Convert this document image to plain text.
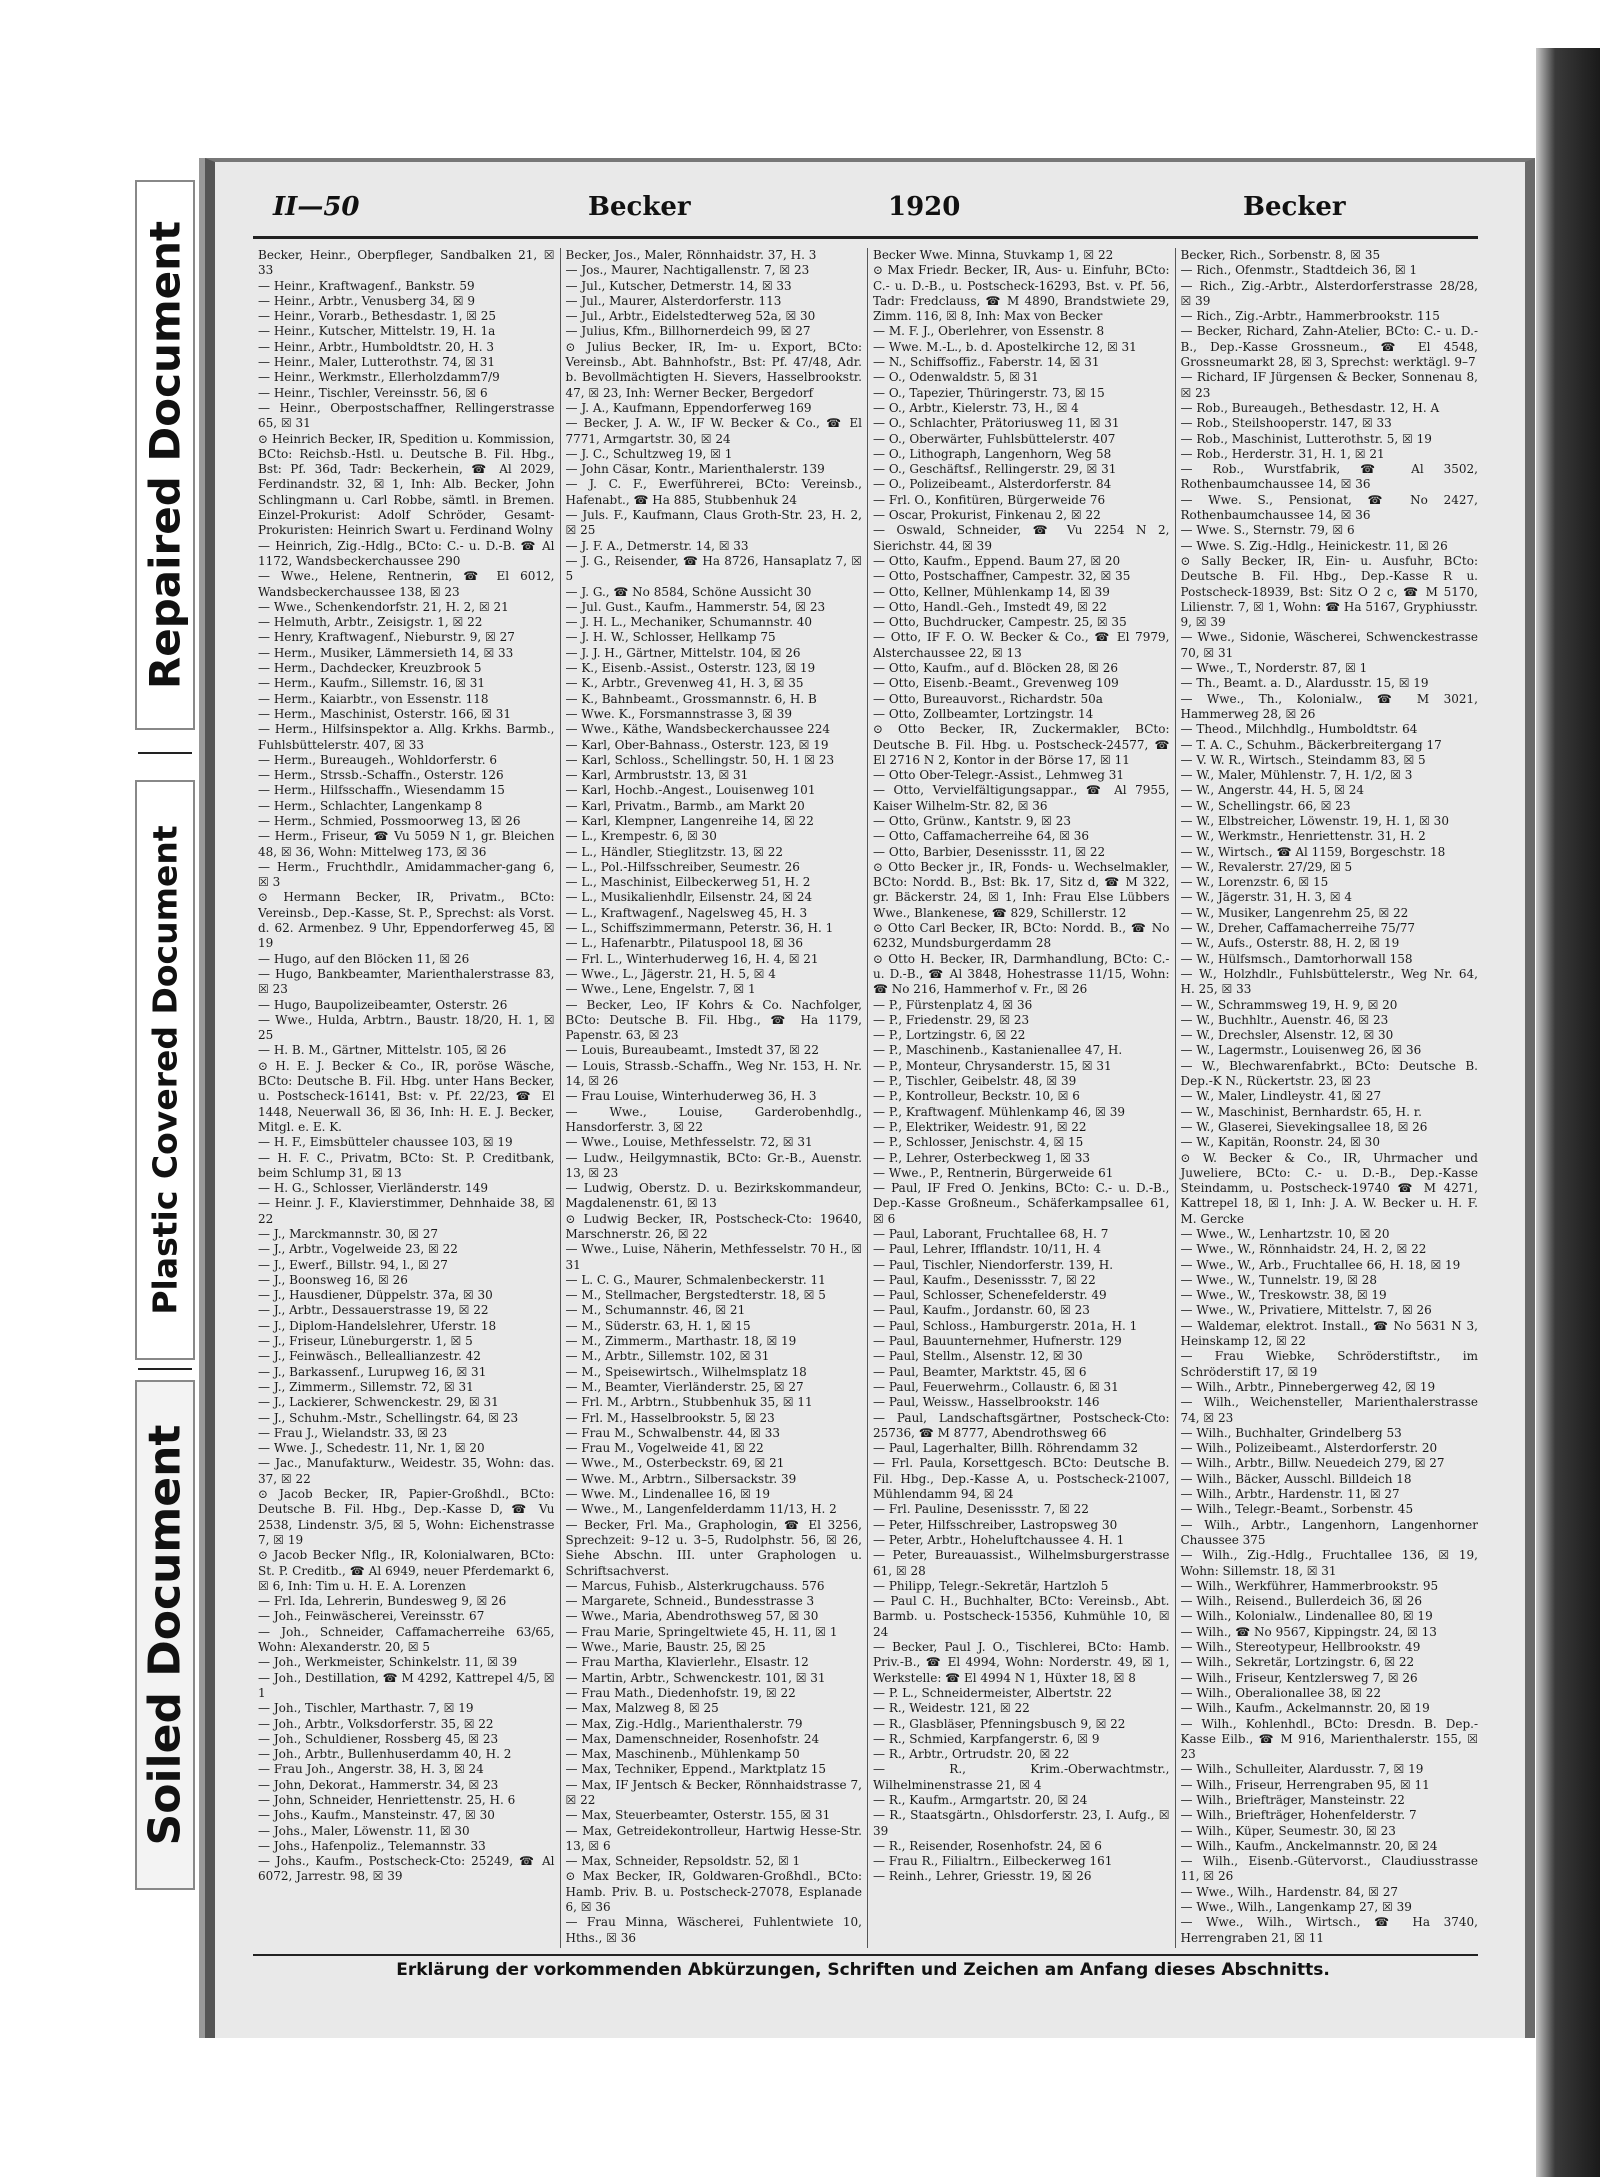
Repaired Document
Plastic Covered Document
Soiled Document
II—50	Becker	1920	Becker

Becker, Heinr., Oberpfleger, Sandbalken 21, ☒ 33

— Heinr., Kraftwagenf., Bankstr. 59

— Heinr., Arbtr., Venusberg 34, ☒ 9

— Heinr., Vorarb., Bethesdastr. 1, ☒ 25

— Heinr., Kutscher, Mittelstr. 19, H. 1a

— Heinr., Arbtr., Humboldtstr. 20, H. 3

— Heinr., Maler, Lutterothstr. 74, ☒ 31

— Heinr., Werkmstr., Ellerholzdamm7/9

— Heinr., Tischler, Vereinsstr. 56, ☒ 6

— Heinr., Oberpostschaffner, Rellingerstrasse 65, ☒ 31

⊙ Heinrich Becker, IR, Spedition u. Kommission, BCto: Reichsb.-Hstl. u. Deutsche B. Fil. Hbg., Bst: Pf. 36d, Tadr: Beckerhein, ☎ Al 2029, Ferdinandstr. 32, ☒ 1, Inh: Alb. Becker, John Schlingmann u. Carl Robbe, sämtl. in Bremen. Einzel-Prokurist: Adolf Schröder, Gesamt-Prokuristen: Heinrich Swart u. Ferdinand Wolny

— Heinrich, Zig.-Hdlg., BCto: C.- u. D.-B. ☎ Al 1172, Wandsbeckerchaussee 290

— Wwe., Helene, Rentnerin, ☎ El 6012, Wandsbeckerchaussee 138, ☒ 23

— Wwe., Schenkendorfstr. 21, H. 2, ☒ 21

— Helmuth, Arbtr., Zeisigstr. 1, ☒ 22

— Henry, Kraftwagenf., Nieburstr. 9, ☒ 27

— Herm., Musiker, Lämmersieth 14, ☒ 33

— Herm., Dachdecker, Kreuzbrook 5

— Herm., Kaufm., Sillemstr. 16, ☒ 31

— Herm., Kaiarbtr., von Essenstr. 118

— Herm., Maschinist, Osterstr. 166, ☒ 31

— Herm., Hilfsinspektor a. Allg. Krkhs. Barmb., Fuhlsbüttelerstr. 407, ☒ 33

— Herm., Bureaugeh., Wohldorferstr. 6

— Herm., Strssb.-Schaffn., Osterstr. 126

— Herm., Hilfsschaffn., Wiesendamm 15

— Herm., Schlachter, Langenkamp 8

— Herm., Schmied, Possmoorweg 13, ☒ 26

— Herm., Friseur, ☎ Vu 5059 N 1, gr. Bleichen 48, ☒ 36, Wohn: Mittelweg 173, ☒ 36

— Herm., Fruchthdlr., Amidammacher-gang 6, ☒ 3

⊙ Hermann Becker, IR, Privatm., BCto: Vereinsb., Dep.-Kasse, St. P., Sprechst: als Vorst. d. 62. Armenbez. 9 Uhr, Eppendorferweg 45, ☒ 19

— Hugo, auf den Blöcken 11, ☒ 26

— Hugo, Bankbeamter, Marienthalerstrasse 83, ☒ 23

— Hugo, Baupolizeibeamter, Osterstr. 26

— Wwe., Hulda, Arbtrn., Baustr. 18/20, H. 1, ☒ 25

— H. B. M., Gärtner, Mittelstr. 105, ☒ 26

⊙ H. E. J. Becker & Co., IR, poröse Wäsche, BCto: Deutsche B. Fil. Hbg. unter Hans Becker, u. Postscheck-16141, Bst: v. Pf. 22/23, ☎ El 1448, Neuerwall 36, ☒ 36, Inh: H. E. J. Becker, Mitgl. e. E. K.

— H. F., Eimsbütteler chaussee 103, ☒ 19

— H. F. C., Privatm, BCto: St. P. Creditbank, beim Schlump 31, ☒ 13

— H. G., Schlosser, Vierländerstr. 149

— Heinr. J. F., Klavierstimmer, Dehnhaide 38, ☒ 22

— J., Marckmannstr. 30, ☒ 27

— J., Arbtr., Vogelweide 23, ☒ 22

— J., Ewerf., Billstr. 94, l., ☒ 27

— J., Boonsweg 16, ☒ 26

— J., Hausdiener, Düppelstr. 37a, ☒ 30

— J., Arbtr., Dessauerstrasse 19, ☒ 22

— J., Diplom-Handelslehrer, Uferstr. 18

— J., Friseur, Lüneburgerstr. 1, ☒ 5

— J., Feinwäsch., Belleallianzestr. 42

— J., Barkassenf., Lurupweg 16, ☒ 31

— J., Zimmerm., Sillemstr. 72, ☒ 31

— J., Lackierer, Schwenckestr. 29, ☒ 31

— J., Schuhm.-Mstr., Schellingstr. 64, ☒ 23

— Frau J., Wielandstr. 33, ☒ 23

— Wwe. J., Schedestr. 11, Nr. 1, ☒ 20

— Jac., Manufakturw., Weidestr. 35, Wohn: das. 37, ☒ 22

⊙ Jacob Becker, IR, Papier-Großhdl., BCto: Deutsche B. Fil. Hbg., Dep.-Kasse D, ☎ Vu 2538, Lindenstr. 3/5, ☒ 5, Wohn: Eichenstrasse 7, ☒ 19

⊙ Jacob Becker Nflg., IR, Kolonialwaren, BCto: St. P. Creditb., ☎ Al 6949, neuer Pferdemarkt 6, ☒ 6, Inh: Tim u. H. E. A. Lorenzen

— Frl. Ida, Lehrerin, Bundesweg 9, ☒ 26

— Joh., Feinwäscherei, Vereinsstr. 67

— Joh., Schneider, Caffamacherreihe 63/65, Wohn: Alexanderstr. 20, ☒ 5

— Joh., Werkmeister, Schinkelstr. 11, ☒ 39

— Joh., Destillation, ☎ M 4292, Kattrepel 4/5, ☒ 1

— Joh., Tischler, Marthastr. 7, ☒ 19

— Joh., Arbtr., Volksdorferstr. 35, ☒ 22

— Joh., Schuldiener, Rossberg 45, ☒ 23

— Joh., Arbtr., Bullenhuserdamm 40, H. 2

— Frau Joh., Angerstr. 38, H. 3, ☒ 24

— John, Dekorat., Hammerstr. 34, ☒ 23

— John, Schneider, Henriettenstr. 25, H. 6

— Johs., Kaufm., Mansteinstr. 47, ☒ 30

— Johs., Maler, Löwenstr. 11, ☒ 30

— Johs., Hafenpoliz., Telemannstr. 33

— Johs., Kaufm., Postscheck-Cto: 25249, ☎ Al 6072, Jarrestr. 98, ☒ 39

Becker, Jos., Maler, Rönnhaidstr. 37, H. 3

— Jos., Maurer, Nachtigallenstr. 7, ☒ 23

— Jul., Kutscher, Detmerstr. 14, ☒ 33

— Jul., Maurer, Alsterdorferstr. 113

— Jul., Arbtr., Eidelstedterweg 52a, ☒ 30

— Julius, Kfm., Billhornerdeich 99, ☒ 27

⊙ Julius Becker, IR, Im- u. Export, BCto: Vereinsb., Abt. Bahnhofstr., Bst: Pf. 47/48, Adr. b. Bevollmächtigten H. Sievers, Hasselbrookstr. 47, ☒ 23, Inh: Werner Becker, Bergedorf

— J. A., Kaufmann, Eppendorferweg 169

— Becker, J. A. W., IF W. Becker & Co., ☎ El 7771, Armgartstr. 30, ☒ 24

— J. C., Schultzweg 19, ☒ 1

— John Cäsar, Kontr., Marienthalerstr. 139

— J. C. F., Ewerführerei, BCto: Vereinsb., Hafenabt., ☎ Ha 885, Stubbenhuk 24

— Juls. F., Kaufmann, Claus Groth-Str. 23, H. 2, ☒ 25

— J. F. A., Detmerstr. 14, ☒ 33

— J. G., Reisender, ☎ Ha 8726, Hansaplatz 7, ☒ 5

— J. G., ☎ No 8584, Schöne Aussicht 30

— Jul. Gust., Kaufm., Hammerstr. 54, ☒ 23

— J. H. L., Mechaniker, Schumannstr. 40

— J. H. W., Schlosser, Hellkamp 75

— J. J. H., Gärtner, Mittelstr. 104, ☒ 26

— K., Eisenb.-Assist., Osterstr. 123, ☒ 19

— K., Arbtr., Grevenweg 41, H. 3, ☒ 35

— K., Bahnbeamt., Grossmannstr. 6, H. B

— Wwe. K., Forsmannstrasse 3, ☒ 39

— Wwe., Käthe, Wandsbeckerchaussee 224

— Karl, Ober-Bahnass., Osterstr. 123, ☒ 19

— Karl, Schloss., Schellingstr. 50, H. 1 ☒ 23

— Karl, Armbruststr. 13, ☒ 31

— Karl, Hochb.-Angest., Louisenweg 101

— Karl, Privatm., Barmb., am Markt 20

— Karl, Klempner, Langenreihe 14, ☒ 22

— L., Krempestr. 6, ☒ 30

— L., Händler, Stieglitzstr. 13, ☒ 22

— L., Pol.-Hilfsschreiber, Seumestr. 26

— L., Maschinist, Eilbeckerweg 51, H. 2

— L., Musikalienhdlr, Eilsenstr. 24, ☒ 24

— L., Kraftwagenf., Nagelsweg 45, H. 3

— L., Schiffszimmermann, Peterstr. 36, H. 1

— L., Hafenarbtr., Pilatuspool 18, ☒ 36

— Frl. L., Winterhuderweg 16, H. 4, ☒ 21

— Wwe., L., Jägerstr. 21, H. 5, ☒ 4

— Wwe., Lene, Engelstr. 7, ☒ 1

— Becker, Leo, IF Kohrs & Co. Nachfolger, BCto: Deutsche B. Fil. Hbg., ☎ Ha 1179, Papenstr. 63, ☒ 23

— Louis, Bureaubeamt., Imstedt 37, ☒ 22

— Louis, Strassb.-Schaffn., Weg Nr. 153, H. Nr. 14, ☒ 26

— Frau Louise, Winterhuderweg 36, H. 3

— Wwe., Louise, Garderobenhdlg., Hansdorferstr. 3, ☒ 22

— Wwe., Louise, Methfesselstr. 72, ☒ 31

— Ludw., Heilgymnastik, BCto: Gr.-B., Auenstr. 13, ☒ 23

— Ludwig, Oberstz. D. u. Bezirkskommandeur, Magdalenenstr. 61, ☒ 13

⊙ Ludwig Becker, IR, Postscheck-Cto: 19640, Marschnerstr. 26, ☒ 22

— Wwe., Luise, Näherin, Methfesselstr. 70 H., ☒ 31

— L. C. G., Maurer, Schmalenbeckerstr. 11

— M., Stellmacher, Bergstedterstr. 18, ☒ 5

— M., Schumannstr. 46, ☒ 21

— M., Süderstr. 63, H. 1, ☒ 15

— M., Zimmerm., Marthastr. 18, ☒ 19

— M., Arbtr., Sillemstr. 102, ☒ 31

— M., Speisewirtsch., Wilhelmsplatz 18

— M., Beamter, Vierländerstr. 25, ☒ 27

— Frl. M., Arbtrn., Stubbenhuk 35, ☒ 11

— Frl. M., Hasselbrookstr. 5, ☒ 23

— Frau M., Schwalbenstr. 44, ☒ 33

— Frau M., Vogelweide 41, ☒ 22

— Wwe., M., Osterbeckstr. 69, ☒ 21

— Wwe. M., Arbtrn., Silbersackstr. 39

— Wwe. M., Lindenallee 16, ☒ 19

— Wwe., M., Langenfelderdamm 11/13, H. 2

— Becker, Frl. Ma., Graphologin, ☎ El 3256, Sprechzeit: 9–12 u. 3–5, Rudolphstr. 56, ☒ 26, Siehe Abschn. III. unter Graphologen u. Schriftsachverst.

— Marcus, Fuhisb., Alsterkrugchauss. 576

— Margarete, Schneid., Bundesstrasse 3

— Wwe., Maria, Abendrothsweg 57, ☒ 30

— Frau Marie, Springeltwiete 45, H. 11, ☒ 1

— Wwe., Marie, Baustr. 25, ☒ 25

— Frau Martha, Klavierlehr., Elsastr. 12

— Martin, Arbtr., Schwenckestr. 101, ☒ 31

— Frau Math., Diedenhofstr. 19, ☒ 22

— Max, Malzweg 8, ☒ 25

— Max, Zig.-Hdlg., Marienthalerstr. 79

— Max, Damenschneider, Rosenhofstr. 24

— Max, Maschinenb., Mühlenkamp 50

— Max, Techniker, Eppend., Marktplatz 15

— Max, IF Jentsch & Becker, Rönnhaidstrasse 7, ☒ 22

— Max, Steuerbeamter, Osterstr. 155, ☒ 31

— Max, Getreidekontrolleur, Hartwig Hesse-Str. 13, ☒ 6

— Max, Schneider, Repsoldstr. 52, ☒ 1

⊙ Max Becker, IR, Goldwaren-Großhdl., BCto: Hamb. Priv. B. u. Postscheck-27078, Esplanade 6, ☒ 36

— Frau Minna, Wäscherei, Fuhlentwiete 10, Hths., ☒ 36

Becker Wwe. Minna, Stuvkamp 1, ☒ 22

⊙ Max Friedr. Becker, IR, Aus- u. Einfuhr, BCto: C.- u. D.-B., u. Postscheck-16293, Bst. v. Pf. 56, Tadr: Fredclauss, ☎ M 4890, Brandstwiete 29, Zimm. 116, ☒ 8, Inh: Max von Becker

— M. F. J., Oberlehrer, von Essenstr. 8

— Wwe. M.-L., b. d. Apostelkirche 12, ☒ 31

— N., Schiffsoffiz., Faberstr. 14, ☒ 31

— O., Odenwaldstr. 5, ☒ 31

— O., Tapezier, Thüringerstr. 73, ☒ 15

— O., Arbtr., Kielerstr. 73, H., ☒ 4

— O., Schlachter, Prätoriusweg 11, ☒ 31

— O., Oberwärter, Fuhlsbüttelerstr. 407

— O., Lithograph, Langenhorn, Weg 58

— O., Geschäftsf., Rellingerstr. 29, ☒ 31

— O., Polizeibeamt., Alsterdorferstr. 84

— Frl. O., Konfitüren, Bürgerweide 76

— Oscar, Prokurist, Finkenau 2, ☒ 22

— Oswald, Schneider, ☎ Vu 2254 N 2, Sierichstr. 44, ☒ 39

— Otto, Kaufm., Eppend. Baum 27, ☒ 20

— Otto, Postschaffner, Campestr. 32, ☒ 35

— Otto, Kellner, Mühlenkamp 14, ☒ 39

— Otto, Handl.-Geh., Imstedt 49, ☒ 22

— Otto, Buchdrucker, Campestr. 25, ☒ 35

— Otto, IF F. O. W. Becker & Co., ☎ El 7979, Alsterchaussee 22, ☒ 13

— Otto, Kaufm., auf d. Blöcken 28, ☒ 26

— Otto, Eisenb.-Beamt., Grevenweg 109

— Otto, Bureauvorst., Richardstr. 50a

— Otto, Zollbeamter, Lortzingstr. 14

⊙ Otto Becker, IR, Zuckermakler, BCto: Deutsche B. Fil. Hbg. u. Postscheck-24577, ☎ El 2716 N 2, Kontor in der Börse 17, ☒ 11

— Otto Ober-Telegr.-Assist., Lehmweg 31

— Otto, Vervielfältigungsappar., ☎ Al 7955, Kaiser Wilhelm-Str. 82, ☒ 36

— Otto, Grünw., Kantstr. 9, ☒ 23

— Otto, Caffamacherreihe 64, ☒ 36

— Otto, Barbier, Desenissstr. 11, ☒ 22

⊙ Otto Becker jr., IR, Fonds- u. Wechselmakler, BCto: Nordd. B., Bst: Bk. 17, Sitz d, ☎ M 322, gr. Bäckerstr. 24, ☒ 1, Inh: Frau Else Lübbers Wwe., Blankenese, ☎ 829, Schillerstr. 12

⊙ Otto Carl Becker, IR, BCto: Nordd. B., ☎ No 6232, Mundsburgerdamm 28

⊙ Otto H. Becker, IR, Darmhandlung, BCto: C.- u. D.-B., ☎ Al 3848, Hohestrasse 11/15, Wohn: ☎ No 216, Hammerhof v. Fr., ☒ 26

— P., Fürstenplatz 4, ☒ 36

— P., Friedenstr. 29, ☒ 23

— P., Lortzingstr. 6, ☒ 22

— P., Maschinenb., Kastanienallee 47, H.

— P., Monteur, Chrysanderstr. 15, ☒ 31

— P., Tischler, Geibelstr. 48, ☒ 39

— P., Kontrolleur, Beckstr. 10, ☒ 6

— P., Kraftwagenf. Mühlenkamp 46, ☒ 39

— P., Elektriker, Weidestr. 91, ☒ 22

— P., Schlosser, Jenischstr. 4, ☒ 15

— P., Lehrer, Osterbeckweg 1, ☒ 33

— Wwe., P., Rentnerin, Bürgerweide 61

— Paul, IF Fred O. Jenkins, BCto: C.- u. D.-B., Dep.-Kasse Großneum., Schäferkampsallee 61, ☒ 6

— Paul, Laborant, Fruchtallee 68, H. 7

— Paul, Lehrer, Ifflandstr. 10/11, H. 4

— Paul, Tischler, Niendorferstr. 139, H.

— Paul, Kaufm., Desenissstr. 7, ☒ 22

— Paul, Schlosser, Schenefelderstr. 49

— Paul, Kaufm., Jordanstr. 60, ☒ 23

— Paul, Schloss., Hamburgerstr. 201a, H. 1

— Paul, Bauunternehmer, Hufnerstr. 129

— Paul, Stellm., Alsenstr. 12, ☒ 30

— Paul, Beamter, Marktstr. 45, ☒ 6

— Paul, Feuerwehrm., Collaustr. 6, ☒ 31

— Paul, Weissw., Hasselbrookstr. 146

— Paul, Landschaftsgärtner, Postscheck-Cto: 25736, ☎ M 8777, Abendrothsweg 66

— Paul, Lagerhalter, Billh. Röhrendamm 32

— Frl. Paula, Korsettgesch. BCto: Deutsche B. Fil. Hbg., Dep.-Kasse A, u. Postscheck-21007, Mühlendamm 94, ☒ 24

— Frl. Pauline, Desenissstr. 7, ☒ 22

— Peter, Hilfsschreiber, Lastropsweg 30

— Peter, Arbtr., Hoheluftchaussee 4. H. 1

— Peter, Bureauassist., Wilhelmsburgerstrasse 61, ☒ 28

— Philipp, Telegr.-Sekretär, Hartzloh 5

— Paul C. H., Buchhalter, BCto: Vereinsb., Abt. Barmb. u. Postscheck-15356, Kuhmühle 10, ☒ 24

— Becker, Paul J. O., Tischlerei, BCto: Hamb. Priv.-B., ☎ El 4994, Wohn: Norderstr. 49, ☒ 1, Werkstelle: ☎ El 4994 N 1, Hüxter 18, ☒ 8

— P. L., Schneidermeister, Albertstr. 22

— R., Weidestr. 121, ☒ 22

— R., Glasbläser, Pfenningsbusch 9, ☒ 22

— R., Schmied, Karpfangerstr. 6, ☒ 9

— R., Arbtr., Ortrudstr. 20, ☒ 22

— R., Krim.-Oberwachtmstr., Wilhelminenstrasse 21, ☒ 4

— R., Kaufm., Armgartstr. 20, ☒ 24

— R., Staatsgärtn., Ohlsdorferstr. 23, I. Aufg., ☒ 39

— R., Reisender, Rosenhofstr. 24, ☒ 6

— Frau R., Filialtrn., Eilbeckerweg 161

— Reinh., Lehrer, Griesstr. 19, ☒ 26

Becker, Rich., Sorbenstr. 8, ☒ 35

— Rich., Ofenmstr., Stadtdeich 36, ☒ 1

— Rich., Zig.-Arbtr., Alsterdorferstrasse 28/28, ☒ 39

— Rich., Zig.-Arbtr., Hammerbrookstr. 115

— Becker, Richard, Zahn-Atelier, BCto: C.- u. D.-B., Dep.-Kasse Grossneum., ☎ El 4548, Grossneumarkt 28, ☒ 3, Sprechst: werktägl. 9–7

— Richard, IF Jürgensen & Becker, Sonnenau 8, ☒ 23

— Rob., Bureaugeh., Bethesdastr. 12, H. A

— Rob., Steilshooperstr. 147, ☒ 33

— Rob., Maschinist, Lutterothstr. 5, ☒ 19

— Rob., Herderstr. 31, H. 1, ☒ 21

— Rob., Wurstfabrik, ☎ Al 3502, Rothenbaumchaussee 14, ☒ 36

— Wwe. S., Pensionat, ☎ No 2427, Rothenbaumchaussee 14, ☒ 36

— Wwe. S., Sternstr. 79, ☒ 6

— Wwe. S. Zig.-Hdlg., Heinickestr. 11, ☒ 26

⊙ Sally Becker, IR, Ein- u. Ausfuhr, BCto: Deutsche B. Fil. Hbg., Dep.-Kasse R u. Postscheck-18939, Bst: Sitz O 2 c, ☎ M 5170, Lilienstr. 7, ☒ 1, Wohn: ☎ Ha 5167, Gryphiusstr. 9, ☒ 39

— Wwe., Sidonie, Wäscherei, Schwenckestrasse 70, ☒ 31

— Wwe., T., Norderstr. 87, ☒ 1

— Th., Beamt. a. D., Alardusstr. 15, ☒ 19

— Wwe., Th., Kolonialw., ☎ M 3021, Hammerweg 28, ☒ 26

— Theod., Milchhdlg., Humboldtstr. 64

— T. A. C., Schuhm., Bäckerbreitergang 17

— V. W. R., Wirtsch., Steindamm 83, ☒ 5

— W., Maler, Mühlenstr. 7, H. 1/2, ☒ 3

— W., Angerstr. 44, H. 5, ☒ 24

— W., Schellingstr. 66, ☒ 23

— W., Elbstreicher, Löwenstr. 19, H. 1, ☒ 30

— W., Werkmstr., Henriettenstr. 31, H. 2

— W., Wirtsch., ☎ Al 1159, Borgeschstr. 18

— W., Revalerstr. 27/29, ☒ 5

— W., Lorenzstr. 6, ☒ 15

— W., Jägerstr. 31, H. 3, ☒ 4

— W., Musiker, Langenrehm 25, ☒ 22

— W., Dreher, Caffamacherreihe 75/77

— W., Aufs., Osterstr. 88, H. 2, ☒ 19

— W., Hülfsmsch., Damtorhorwall 158

— W., Holzhdlr., Fuhlsbüttelerstr., Weg Nr. 64, H. 25, ☒ 33

— W., Schrammsweg 19, H. 9, ☒ 20

— W., Buchhltr., Auenstr. 46, ☒ 23

— W., Drechsler, Alsenstr. 12, ☒ 30

— W., Lagermstr., Louisenweg 26, ☒ 36

— W., Blechwarenfabrkt., BCto: Deutsche B. Dep.-K N., Rückertstr. 23, ☒ 23

— W., Maler, Lindleystr. 41, ☒ 27

— W., Maschinist, Bernhardstr. 65, H. r.

— W., Glaserei, Sievekingsallee 18, ☒ 26

— W., Kapitän, Roonstr. 24, ☒ 30

⊙ W. Becker & Co., IR, Uhrmacher und Juweliere, BCto: C.- u. D.-B., Dep.-Kasse Steindamm, u. Postscheck-19740 ☎ M 4271, Kattrepel 18, ☒ 1, Inh: J. A. W. Becker u. H. F. M. Gercke

— Wwe., W., Lenhartzstr. 10, ☒ 20

— Wwe., W., Rönnhaidstr. 24, H. 2, ☒ 22

— Wwe., W., Arb., Fruchtallee 66, H. 18, ☒ 19

— Wwe., W., Tunnelstr. 19, ☒ 28

— Wwe., W., Treskowstr. 38, ☒ 19

— Wwe., W., Privatiere, Mittelstr. 7, ☒ 26

— Waldemar, elektrot. Install., ☎ No 5631 N 3, Heinskamp 12, ☒ 22

— Frau Wiebke, Schröderstiftstr., im Schröderstift 17, ☒ 19

— Wilh., Arbtr., Pinnebergerweg 42, ☒ 19

— Wilh., Weichensteller, Marienthalerstrasse 74, ☒ 23

— Wilh., Buchhalter, Grindelberg 53

— Wilh., Polizeibeamt., Alsterdorferstr. 20

— Wilh., Arbtr., Billw. Neuedeich 279, ☒ 27

— Wilh., Bäcker, Ausschl. Billdeich 18

— Wilh., Arbtr., Hardenstr. 11, ☒ 27

— Wilh., Telegr.-Beamt., Sorbenstr. 45

— Wilh., Arbtr., Langenhorn, Langenhorner Chaussee 375

— Wilh., Zig.-Hdlg., Fruchtallee 136, ☒ 19, Wohn: Sillemstr. 18, ☒ 31

— Wilh., Werkführer, Hammerbrookstr. 95

— Wilh., Reisend., Bullerdeich 36, ☒ 26

— Wilh., Kolonialw., Lindenallee 80, ☒ 19

— Wilh., ☎ No 9567, Kippingstr. 24, ☒ 13

— Wilh., Stereotypeur, Hellbrookstr. 49

— Wilh., Sekretär, Lortzingstr. 6, ☒ 22

— Wilh., Friseur, Kentzlersweg 7, ☒ 26

— Wilh., Oberalionallee 38, ☒ 22

— Wilh., Kaufm., Ackelmannstr. 20, ☒ 19

— Wilh., Kohlenhdl., BCto: Dresdn. B. Dep.-Kasse Eilb., ☎ M 916, Marienthalerstr. 155, ☒ 23

— Wilh., Schulleiter, Alardusstr. 7, ☒ 19

— Wilh., Friseur, Herrengraben 95, ☒ 11

— Wilh., Briefträger, Mansteinstr. 22

— Wilh., Briefträger, Hohenfelderstr. 7

— Wilh., Küper, Seumestr. 30, ☒ 23

— Wilh., Kaufm., Anckelmannstr. 20, ☒ 24

— Wilh., Eisenb.-Gütervorst., Claudiusstrasse 11, ☒ 26

— Wwe., Wilh., Hardenstr. 84, ☒ 27

— Wwe., Wilh., Langenkamp 27, ☒ 39

— Wwe., Wilh., Wirtsch., ☎ Ha 3740, Herrengraben 21, ☒ 11

Erklärung der vorkommenden Abkürzungen, Schriften und Zeichen am Anfang dieses Abschnitts.
